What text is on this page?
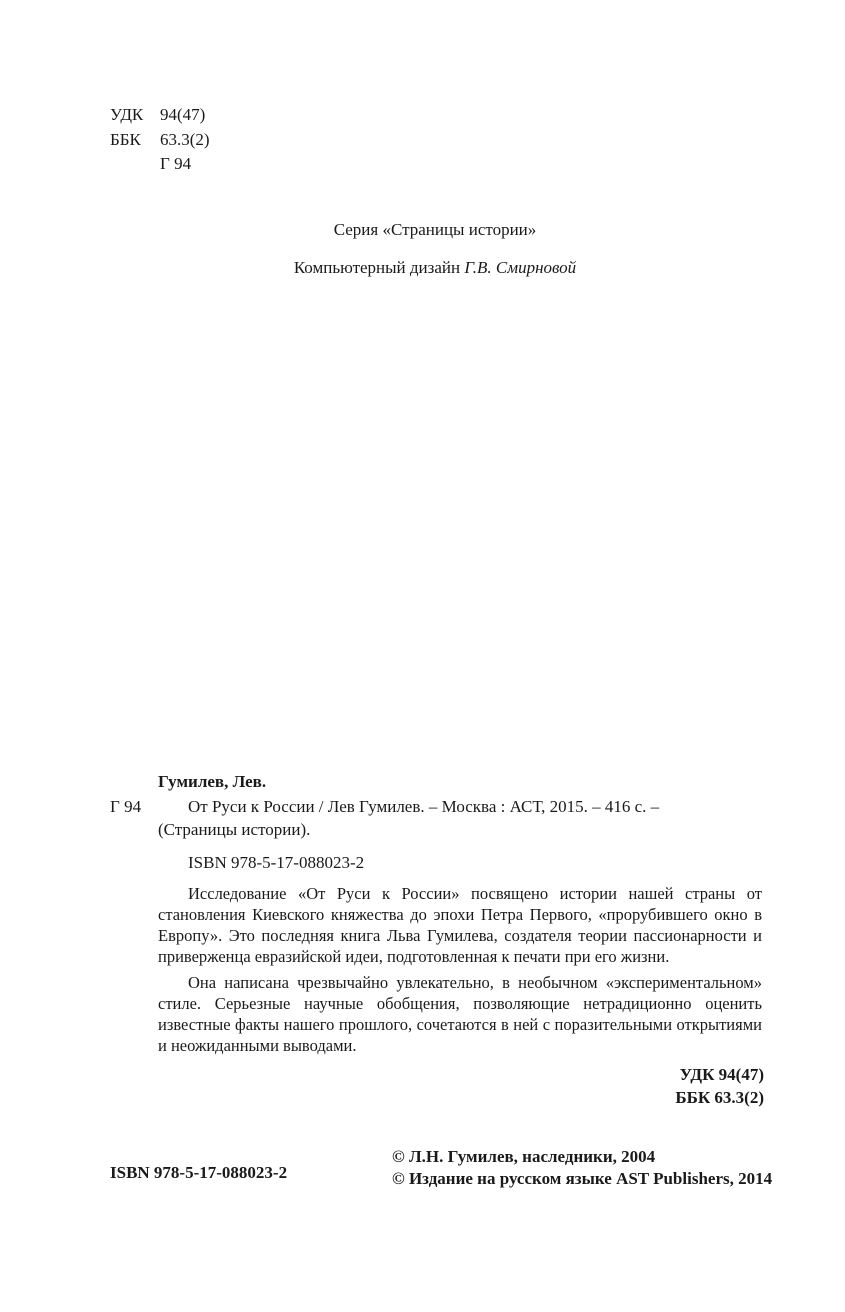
УДК 94(47)
ББК 63.3(2)
Г 94
Серия «Страницы истории»
Компьютерный дизайн Г.В. Смирновой
Гумилев, Лев.
Г 94	От Руси к России / Лев Гумилев. – Москва : АСТ, 2015. – 416 с. –
(Страницы истории).
ISBN 978-5-17-088023-2

Исследование «От Руси к России» посвящено истории нашей страны от становления Киевского княжества до эпохи Петра Первого, «прорубившего окно в Европу». Это последняя книга Льва Гумилева, создателя теории пассионарности и приверженца евразийской идеи, подготовленная к печати при его жизни.

Она написана чрезвычайно увлекательно, в необычном «экспериментальном» стиле. Серьезные научные обобщения, позволяющие нетрадиционно оценить известные факты нашего прошлого, сочетаются в ней с поразительными открытиями и неожиданными выводами.

УДК 94(47)
ББК 63.3(2)
ISBN 978-5-17-088023-2
© Л.Н. Гумилев, наследники, 2004
© Издание на русском языке AST Publishers, 2014
